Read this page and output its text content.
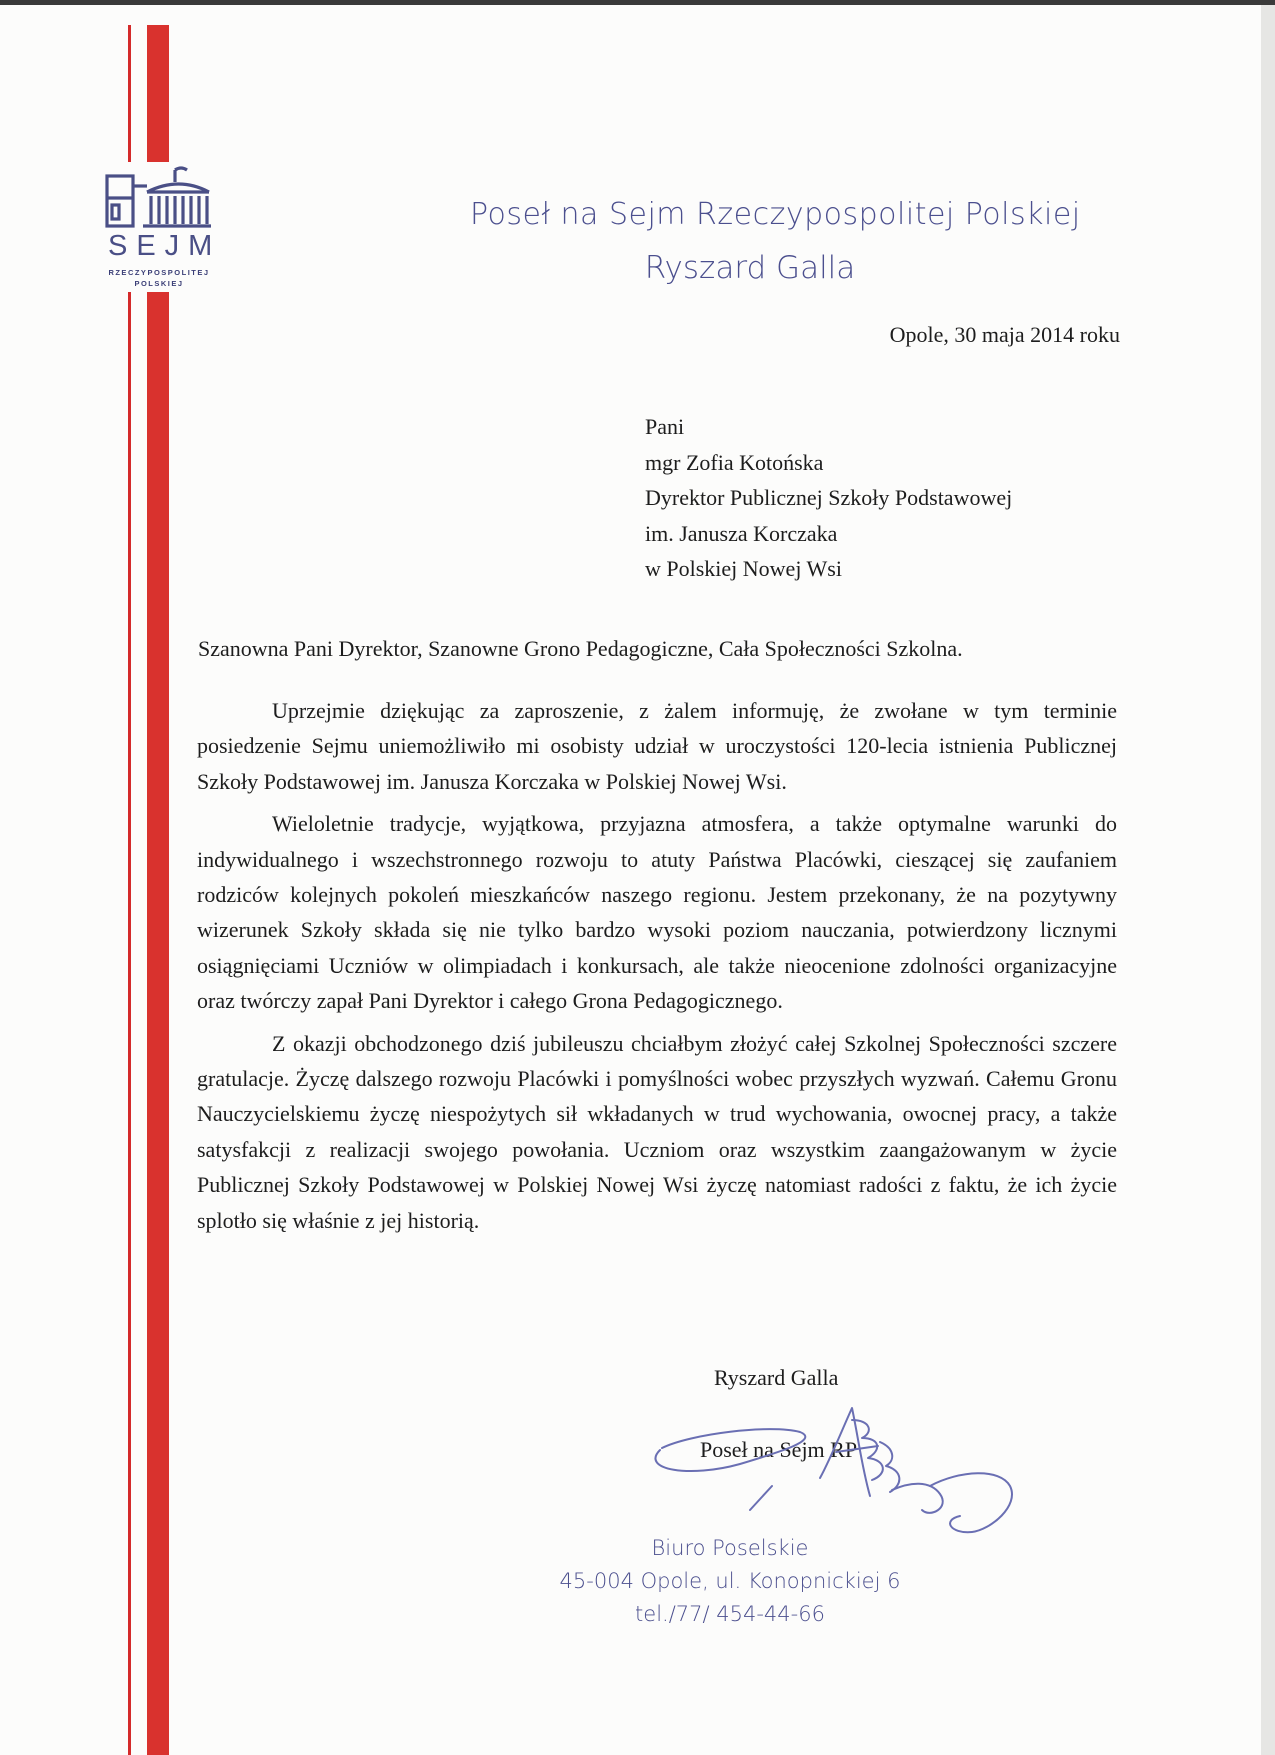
SEJM
RZECZYPOSPOLITEJ
POLSKIEJ
Poseł na Sejm Rzeczypospolitej Polskiej
Ryszard Galla
Opole, 30 maja 2014 roku
Pani
mgr Zofia Kotońska
Dyrektor Publicznej Szkoły Podstawowej
im. Janusza Korczaka
w Polskiej Nowej Wsi
Szanowna Pani Dyrektor, Szanowne Grono Pedagogiczne, Cała Społeczności Szkolna.

Uprzejmie dziękując za zaproszenie, z żalem informuję, że zwołane w tym terminie posiedzenie Sejmu uniemożliwiło mi osobisty udział w uroczystości 120-lecia istnienia Publicznej Szkoły Podstawowej im. Janusza Korczaka w Polskiej Nowej Wsi.

Wieloletnie tradycje, wyjątkowa, przyjazna atmosfera, a także optymalne warunki do indywidualnego i wszechstronnego rozwoju to atuty Państwa Placówki, cieszącej się zaufaniem rodziców kolejnych pokoleń mieszkańców naszego regionu. Jestem przekonany, że na pozytywny wizerunek Szkoły składa się nie tylko bardzo wysoki poziom nauczania, potwierdzony licznymi osiągnięciami Uczniów w olimpiadach i konkursach, ale także nieocenione zdolności organizacyjne oraz twórczy zapał Pani Dyrektor i całego Grona Pedagogicznego.

Z okazji obchodzonego dziś jubileuszu chciałbym złożyć całej Szkolnej Społeczności szczere gratulacje. Życzę dalszego rozwoju Placówki i pomyślności wobec przyszłych wyzwań. Całemu Gronu Nauczycielskiemu życzę niespożytych sił wkładanych w trud wychowania, owocnej pracy, a także satysfakcji z realizacji swojego powołania. Uczniom oraz wszystkim zaangażowanym w życie Publicznej Szkoły Podstawowej w Polskiej Nowej Wsi życzę natomiast radości z faktu, że ich życie splotło się właśnie z jej historią.

Ryszard Galla
Poseł na Sejm RP
Biuro Poselskie
45-004 Opole, ul. Konopnickiej 6
tel./77/ 454-44-66
